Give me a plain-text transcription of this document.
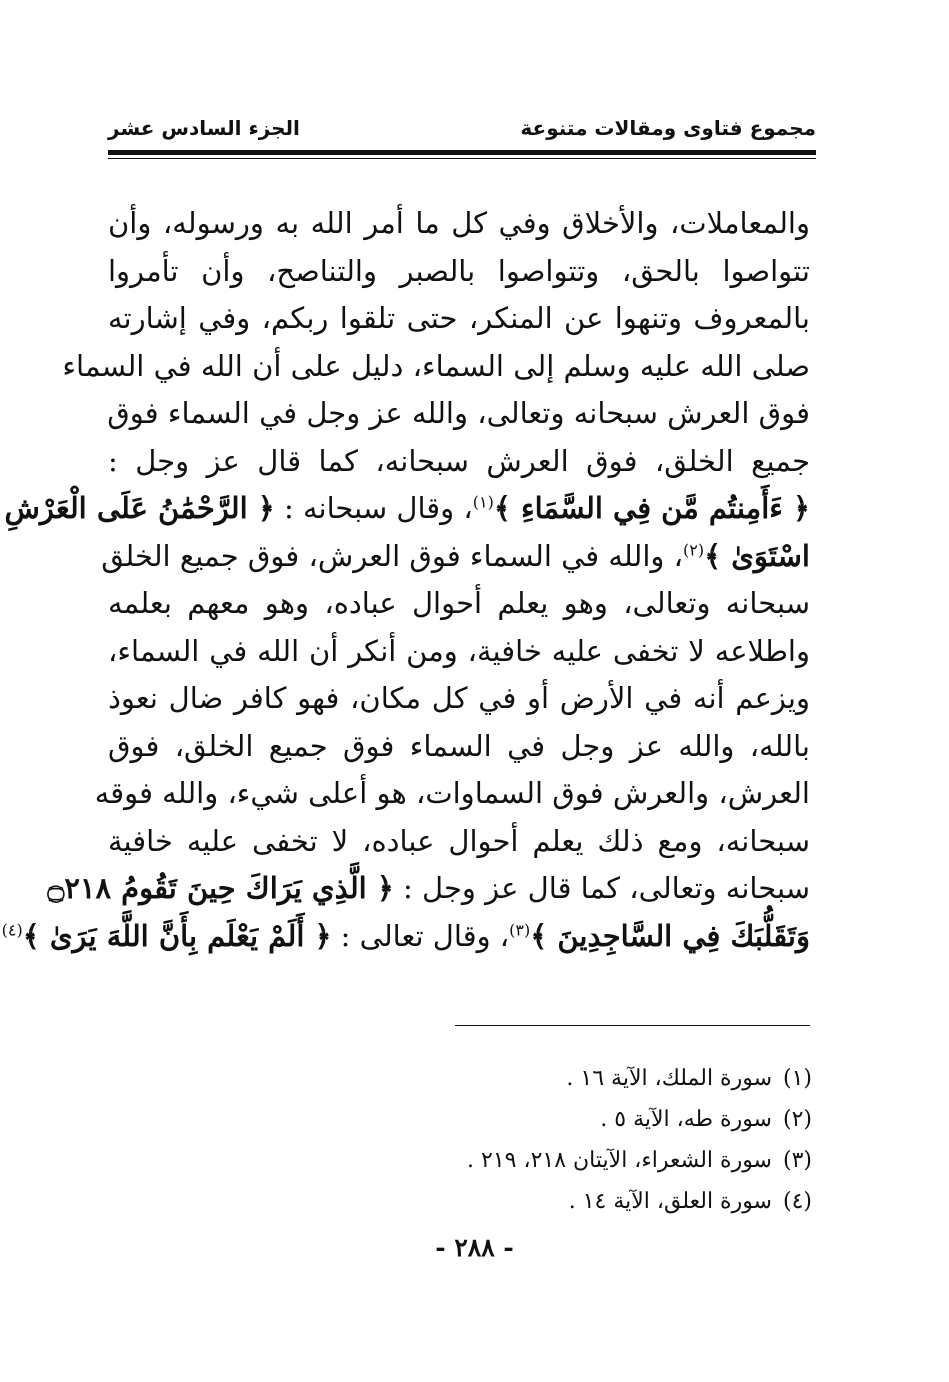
مجموع فتاوى ومقالات متنوعة
الجزء السادس عشر
والمعاملات، والأخلاق وفي كل ما أمر الله به ورسوله، وأن
تتواصوا بالحق، وتتواصوا بالصبر والتناصح، وأن تأمروا
بالمعروف وتنهوا عن المنكر، حتى تلقوا ربكم، وفي إشارته
صلى الله عليه وسلم إلى السماء، دليل على أن الله في السماء
فوق العرش سبحانه وتعالى، والله عز وجل في السماء فوق
جميع الخلق، فوق العرش سبحانه، كما قال عز وجل :
﴿ ءَأَمِنتُم مَّن فِي السَّمَاءِ ﴾$^{(١)}$، وقال سبحانه : ﴿ الرَّحْمَٰنُ عَلَى الْعَرْشِ
اسْتَوَىٰ ﴾$^{(٢)}$، والله في السماء فوق العرش، فوق جميع الخلق
سبحانه وتعالى، وهو يعلم أحوال عباده، وهو معهم بعلمه
واطلاعه لا تخفى عليه خافية، ومن أنكر أن الله في السماء،
ويزعم أنه في الأرض أو في كل مكان، فهو كافر ضال نعوذ
بالله، والله عز وجل في السماء فوق جميع الخلق، فوق
العرش، والعرش فوق السماوات، هو أعلى شيء، والله فوقه
سبحانه، ومع ذلك يعلم أحوال عباده، لا تخفى عليه خافية
سبحانه وتعالى، كما قال عز وجل : ﴿ الَّذِي يَرَاكَ حِينَ تَقُومُ ۝٢١٨
وَتَقَلُّبَكَ فِي السَّاجِدِينَ ﴾$^{(٣)}$، وقال تعالى : ﴿ أَلَمْ يَعْلَم بِأَنَّ اللَّهَ يَرَىٰ ﴾$^{(٤)}$
(١)سورة الملك، الآية ١٦ .
(٢)سورة طه، الآية ٥ .
(٣)سورة الشعراء، الآيتان ٢١٨، ٢١٩ .
(٤)سورة العلق، الآية ١٤ .
- ٢٨٨ -
